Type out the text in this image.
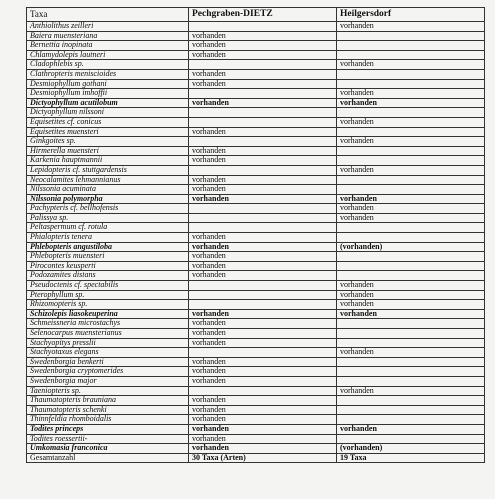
Taxa	Pechgraben-DIETZ	Heilgersdorf
Anthiolithus zeilleri		vorhanden
Baiera muensteriana	vorhanden	
Bernettia inopinata	vorhanden	
Chlamydolepis lautneri	vorhanden	
Cladophlebis sp.		vorhanden
Clathropteris meniscioides	vorhanden	
Desmiophyllum gothani	vorhanden	
Desmiophyllum imhoffii		vorhanden
Dictyophyllum acutilobum	vorhanden	vorhanden
Dictyophyllum nilssoni		
Equisetites cf. conicus		vorhanden
Equisetites muensteri	vorhanden	
Ginkgoites sp.		vorhanden
Hirmerella muensteri	vorhanden	
Karkenia hauptmannii	vorhanden	
Lepidopteris cf. stuttgardensis		vorhanden
Neocalamites lehmannianus	vorhanden	
Nilssonia acuminata	vorhanden	
Nilssonia polymorpha	vorhanden	vorhanden
Pachypteris cf. bellhofensis		vorhanden
Palissya sp.		vorhanden
Peltaspermum cf. rotula		
Phialopteris tenera	vorhanden	
Phlebopteris angustiloba	vorhanden	(vorhanden)
Phlebopteris muensteri	vorhanden	
Pirocontes keusperti	vorhanden	
Podozamites distans	vorhanden	
Pseudoctenis cf. spectabilis		vorhanden
Pterophyllum sp.		vorhanden
Rhizomopteris sp.		vorhanden
Schizolepis liasokeuperina	vorhanden	vorhanden
Schmeissneria microstachys	vorhanden	
Selenocarpus muensterianus	vorhanden	
Stachyopitys presslii	vorhanden	
Stachyotaxus elegans		vorhanden
Swedenborgia benkerti	vorhanden	
Swedenborgia cryptomerides	vorhanden	
Swedenborgia major	vorhanden	
Taeniopteris sp.		vorhanden
Thaumatopteris brauniana	vorhanden	
Thaumatopteris schenki	vorhanden	
Thinnfeldia rhomboidalis	vorhanden	
Todites princeps	vorhanden	vorhanden
Todites roessertii-	vorhanden	
Umkomasia franconica	vorhanden	(vorhanden)
Gesamtanzahl	30 Taxa (Arten)	19 Taxa
